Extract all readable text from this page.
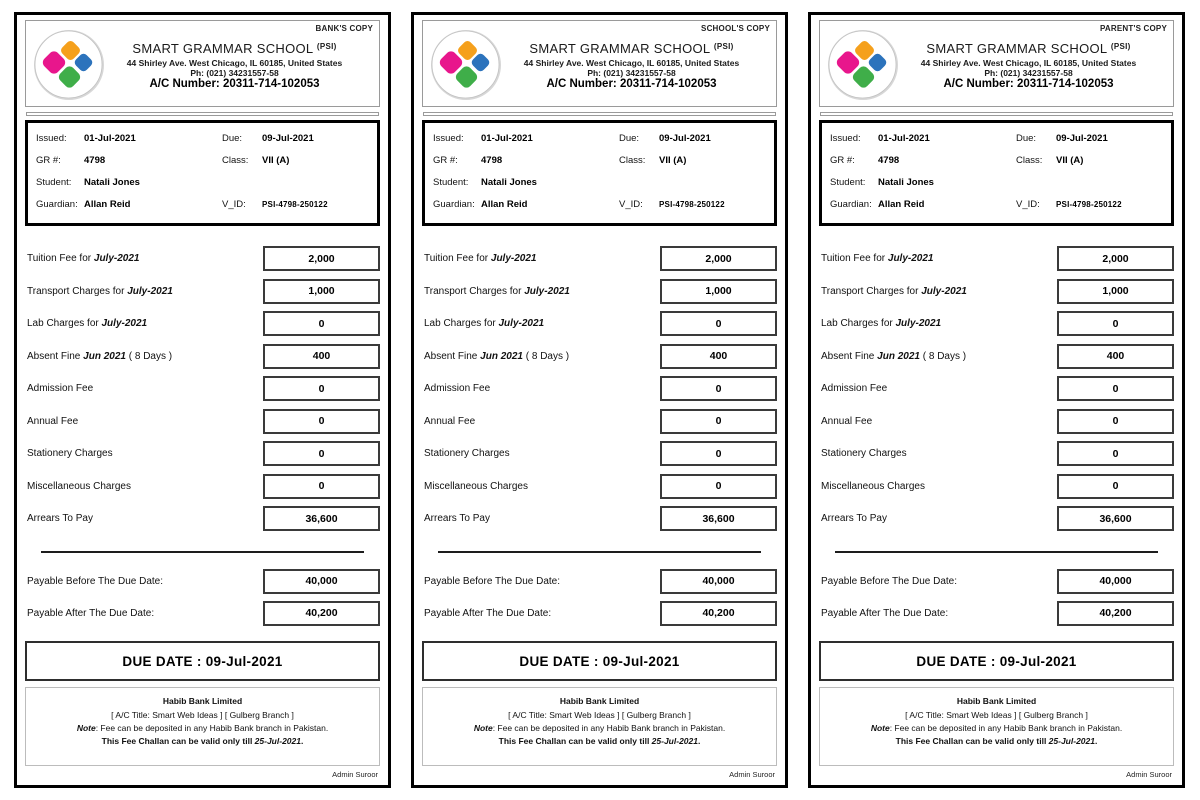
BANK'S COPY
SMART GRAMMAR SCHOOL $^{(PSI)}$
44 Shirley Ave. West Chicago, IL 60185, United States
Ph: (021) 34231557-58
A/C Number: 20311-714-102053
Issued:	01-Jul-2021	Due:	09-Jul-2021
GR #:	4798	Class:	VII (A)
Student:	Natali Jones
Guardian: Allan Reid	V_ID:	PSI-4798-250122
Tuition Fee for July-2021	2,000
Transport Charges for July-2021	1,000
Lab Charges for July-2021	0
Absent Fine Jun 2021 ( 8 Days )	400
Admission Fee	0
Annual Fee	0
Stationery Charges	0
Miscellaneous Charges	0
Arrears To Pay	36,600
Payable Before The Due Date:	40,000
Payable After The Due Date:	40,200
DUE DATE : 09-Jul-2021
Habib Bank Limited
[ A/C Title: Smart Web Ideas ] [ Gulberg Branch ]
Note: Fee can be deposited in any Habib Bank branch in Pakistan.
This Fee Challan can be valid only till 25-Jul-2021.
Admin Suroor
SCHOOL'S COPY
SMART GRAMMAR SCHOOL $^{(PSI)}$
44 Shirley Ave. West Chicago, IL 60185, United States
Ph: (021) 34231557-58
A/C Number: 20311-714-102053
Issued:	01-Jul-2021	Due:	09-Jul-2021
GR #:	4798	Class:	VII (A)
Student:	Natali Jones
Guardian: Allan Reid	V_ID:	PSI-4798-250122
Tuition Fee for July-2021	2,000
Transport Charges for July-2021	1,000
Lab Charges for July-2021	0
Absent Fine Jun 2021 ( 8 Days )	400
Admission Fee	0
Annual Fee	0
Stationery Charges	0
Miscellaneous Charges	0
Arrears To Pay	36,600
Payable Before The Due Date:	40,000
Payable After The Due Date:	40,200
DUE DATE : 09-Jul-2021
Habib Bank Limited
[ A/C Title: Smart Web Ideas ] [ Gulberg Branch ]
Note: Fee can be deposited in any Habib Bank branch in Pakistan.
This Fee Challan can be valid only till 25-Jul-2021.
Admin Suroor
PARENT'S COPY
SMART GRAMMAR SCHOOL $^{(PSI)}$
44 Shirley Ave. West Chicago, IL 60185, United States
Ph: (021) 34231557-58
A/C Number: 20311-714-102053
Issued:	01-Jul-2021	Due:	09-Jul-2021
GR #:	4798	Class:	VII (A)
Student:	Natali Jones
Guardian: Allan Reid	V_ID:	PSI-4798-250122
Tuition Fee for July-2021	2,000
Transport Charges for July-2021	1,000
Lab Charges for July-2021	0
Absent Fine Jun 2021 ( 8 Days )	400
Admission Fee	0
Annual Fee	0
Stationery Charges	0
Miscellaneous Charges	0
Arrears To Pay	36,600
Payable Before The Due Date:	40,000
Payable After The Due Date:	40,200
DUE DATE : 09-Jul-2021
Habib Bank Limited
[ A/C Title: Smart Web Ideas ] [ Gulberg Branch ]
Note: Fee can be deposited in any Habib Bank branch in Pakistan.
This Fee Challan can be valid only till 25-Jul-2021.
Admin Suroor
